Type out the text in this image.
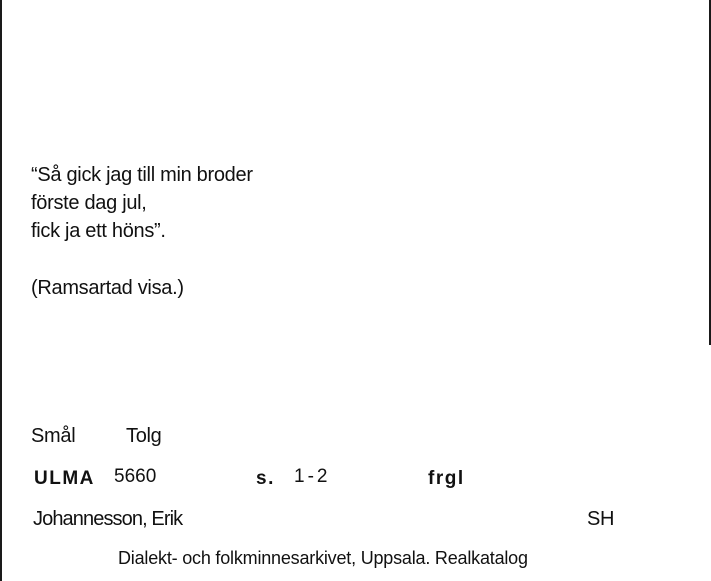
“Så gick jag till min broder

förste dag jul,

fick ja ett höns”.

(Ramsartad visa.)

Smål	Tolg

ULMA 5660	s. 1-2	frgl

Johannesson, Erik	SH

Dialekt- och folkminnesarkivet, Uppsala. Realkatalog
